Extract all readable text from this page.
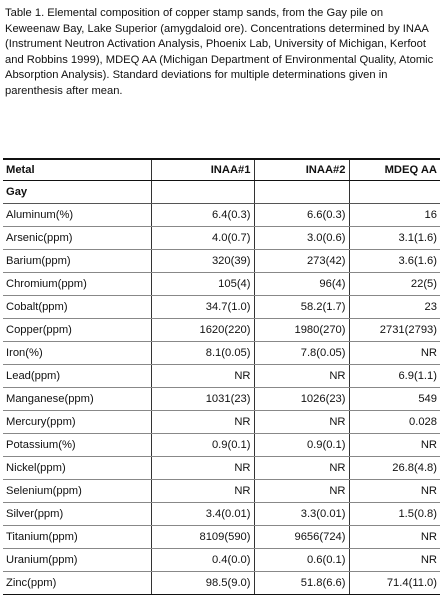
Table 1. Elemental composition of copper stamp sands, from the Gay pile on Keweenaw Bay, Lake Superior (amygdaloid ore). Concentrations determined by INAA (Instrument Neutron Activation Analysis, Phoenix Lab, University of Michigan, Kerfoot and Robbins 1999), MDEQ AA (Michigan Department of Environmental Quality, Atomic Absorption Analysis). Standard deviations for multiple determinations given in parenthesis after mean.
Metal	INAA#1	INAA#2	MDEQ AA
Gay			
Aluminum(%)	6.4(0.3)	6.6(0.3)	16
Arsenic(ppm)	4.0(0.7)	3.0(0.6)	3.1(1.6)
Barium(ppm)	320(39)	273(42)	3.6(1.6)
Chromium(ppm)	105(4)	96(4)	22(5)
Cobalt(ppm)	34.7(1.0)	58.2(1.7)	23
Copper(ppm)	1620(220)	1980(270)	2731(2793)
Iron(%)	8.1(0.05)	7.8(0.05)	NR
Lead(ppm)	NR	NR	6.9(1.1)
Manganese(ppm)	1031(23)	1026(23)	549
Mercury(ppm)	NR	NR	0.028
Potassium(%)	0.9(0.1)	0.9(0.1)	NR
Nickel(ppm)	NR	NR	26.8(4.8)
Selenium(ppm)	NR	NR	NR
Silver(ppm)	3.4(0.01)	3.3(0.01)	1.5(0.8)
Titanium(ppm)	8109(590)	9656(724)	NR
Uranium(ppm)	0.4(0.0)	0.6(0.1)	NR
Zinc(ppm)	98.5(9.0)	51.8(6.6)	71.4(11.0)
